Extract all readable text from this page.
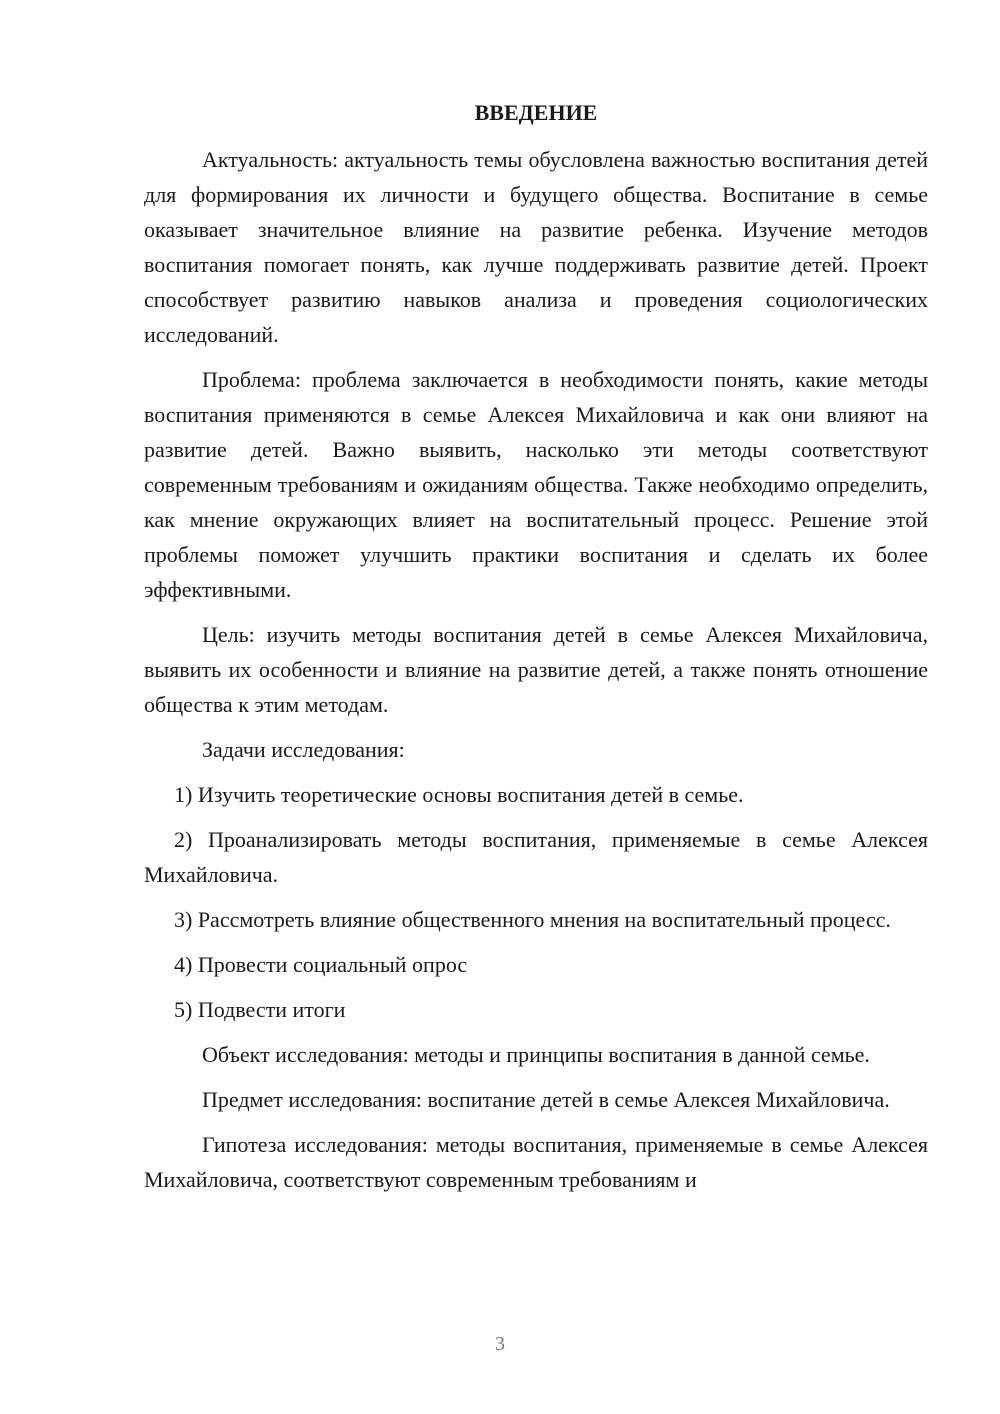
ВВЕДЕНИЕ

Актуальность: актуальность темы обусловлена важностью воспитания детей для формирования их личности и будущего общества. Воспитание в семье оказывает значительное влияние на развитие ребенка. Изучение методов воспитания помогает понять, как лучше поддерживать развитие детей. Проект способствует развитию навыков анализа и проведения социологических исследований.

Проблема: проблема заключается в необходимости понять, какие методы воспитания применяются в семье Алексея Михайловича и как они влияют на развитие детей. Важно выявить, насколько эти методы соответствуют современным требованиям и ожиданиям общества. Также необходимо определить, как мнение окружающих влияет на воспитательный процесс. Решение этой проблемы поможет улучшить практики воспитания и сделать их более эффективными.

Цель: изучить методы воспитания детей в семье Алексея Михайловича, выявить их особенности и влияние на развитие детей, а также понять отношение общества к этим методам.

Задачи исследования:

1) Изучить теоретические основы воспитания детей в семье.

2) Проанализировать методы воспитания, применяемые в семье Алексея Михайловича.

3) Рассмотреть влияние общественного мнения на воспитательный процесс.

4) Провести социальный опрос

5) Подвести итоги

Объект исследования: методы и принципы воспитания в данной семье.

Предмет исследования: воспитание детей в семье Алексея Михайловича.

Гипотеза исследования: методы воспитания, применяемые в семье Алексея Михайловича, соответствуют современным требованиям и

3
